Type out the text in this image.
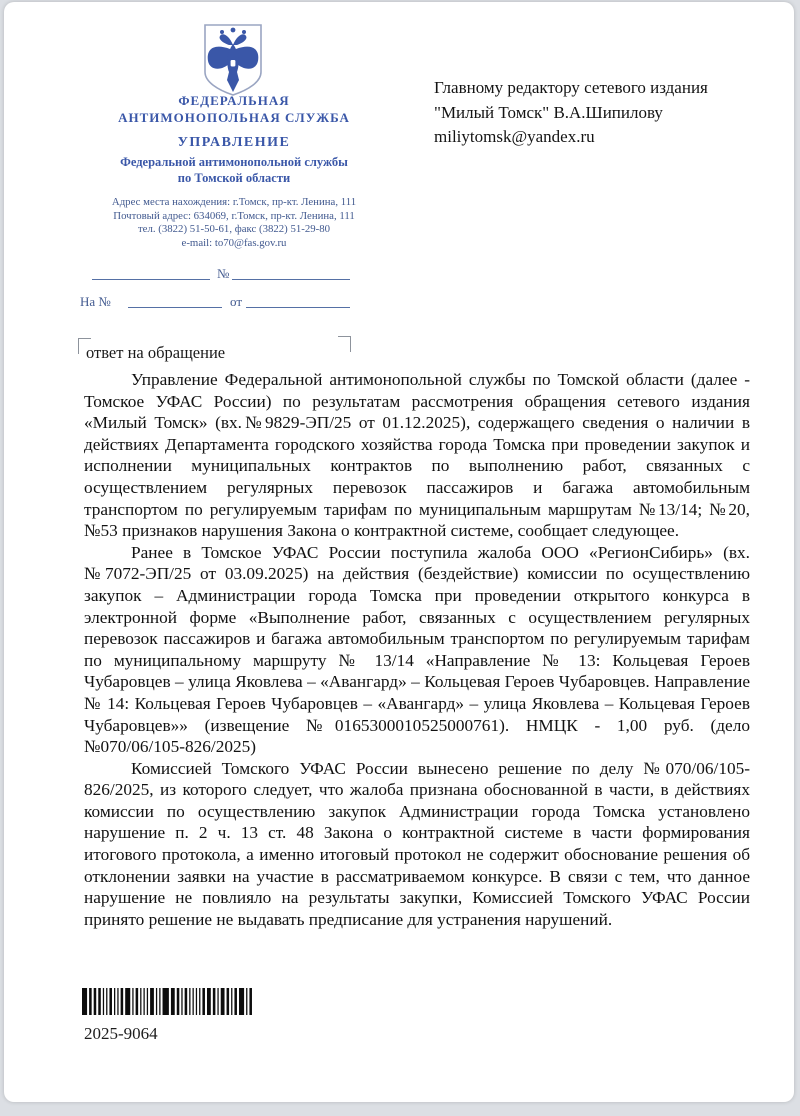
ФЕДЕРАЛЬНАЯ
АНТИМОНОПОЛЬНАЯ СЛУЖБА
УПРАВЛЕНИЕ
Федеральной антимонопольной службы
по Томской области
Адрес места нахождения: г.Томск, пр-кт. Ленина, 111
Почтовый адрес: 634069, г.Томск, пр-кт. Ленина, 111
тел. (3822) 51-50-61, факс (3822) 51-29-80
e-mail: to70@fas.gov.ru
№
На №	от
Главному редактору сетевого издания
"Милый Томск" В.А.Шипилову
miliytomsk@yandex.ru
ответ на обращение

Управление Федеральной антимонопольной службы по Томской области (далее - Томское УФАС России) по результатам рассмотрения обращения сетевого издания «Милый Томск» (вх.№9829-ЭП/25 от 01.12.2025), содержащего сведения о наличии в действиях Департамента городского хозяйства города Томска при проведении закупок и исполнении муниципальных контрактов по выполнению работ, связанных с осуществлением регулярных перевозок пассажиров и багажа автомобильным транспортом по регулируемым тарифам по муниципальным маршрутам №13/14; №20, №53 признаков нарушения Закона о контрактной системе, сообщает следующее.

Ранее в Томское УФАС России поступила жалоба ООО «РегионСибирь» (вх. №7072-ЭП/25 от 03.09.2025) на действия (бездействие) комиссии по осуществлению закупок – Администрации города Томска при проведении открытого конкурса в электронной форме «Выполнение работ, связанных с осуществлением регулярных перевозок пассажиров и багажа автомобильным транспортом по регулируемым тарифам по муниципальному маршруту № 13/14 «Направление № 13: Кольцевая Героев Чубаровцев – улица Яковлева – «Авангард» – Кольцевая Героев Чубаровцев. Направление № 14: Кольцевая Героев Чубаровцев – «Авангард» – улица Яковлева – Кольцевая Героев Чубаровцев»» (извещение №0165300010525000761). НМЦК - 1,00 руб. (дело №070/06/105-826/2025)

Комиссией Томского УФАС России вынесено решение по делу №070/06/105-826/2025, из которого следует, что жалоба признана обоснованной в части, в действиях комиссии по осуществлению закупок Администрации города Томска установлено нарушение п. 2 ч. 13 ст. 48 Закона о контрактной системе в части формирования итогового протокола, а именно итоговый протокол не содержит обоснование решения об отклонении заявки на участие в рассматриваемом конкурсе. В связи с тем, что данное нарушение не повлияло на результаты закупки, Комиссией Томского УФАС России принято решение не выдавать предписание для устранения нарушений.

2025-9064
